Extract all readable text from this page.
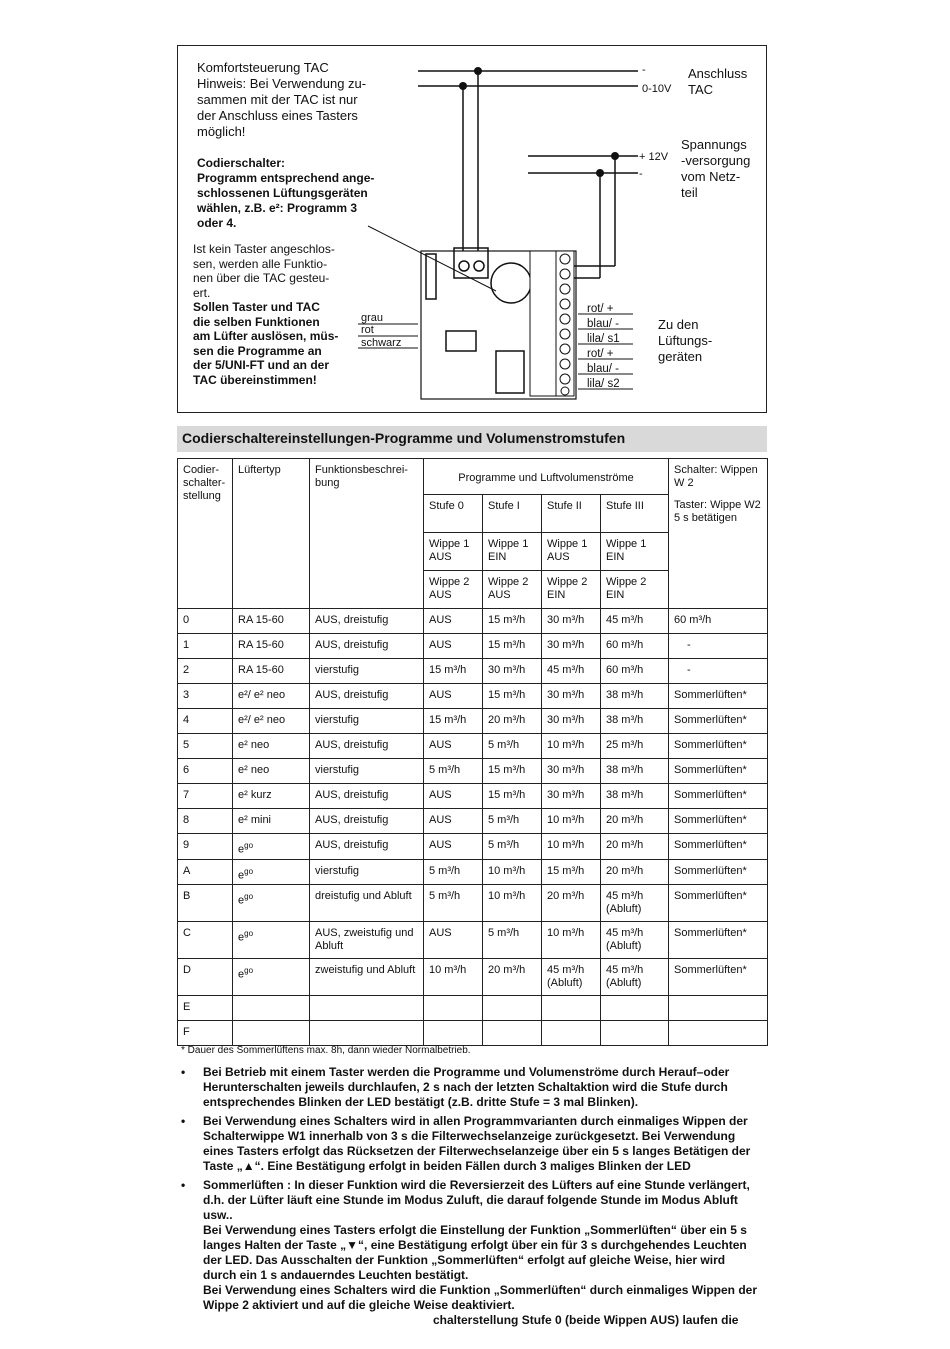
Komfortsteuerung TAC
Hinweis: Bei Verwendung zu-
sammen mit der TAC ist nur
der Anschluss eines Tasters
möglich!
Codierschalter:
Programm entsprechend ange-
schlossenen Lüftungsgeräten
wählen, z.B. e²: Programm 3
oder 4.
Ist kein Taster angeschlos-
sen, werden alle Funktio-
nen über die TAC gesteu-
ert.
Sollen Taster und TAC
die selben Funktionen
am Lüfter auslösen, müs-
sen die Programme an
der 5/UNI-FT und an der
TAC übereinstimmen!
grau
rot
schwarz
-
0-10V
Anschluss
TAC
+ 12V
-
Spannungs
-versorgung
vom Netz-
teil
rot/ +
blau/ -
lila/ s1
rot/ +
blau/ -
lila/ s2
Zu den
Lüftungs-
geräten
Codierschaltereinstellungen-Programme und Volumenstromstufen
Codier-schalter-stellung	Lüftertyp	Funktionsbeschrei-bung	Programme und Luftvolumenströme				Schalter: Wippen W 2
Taster: Wippe W2 5 s betätigen

			Stufe 0	Stufe I	Stufe II	Stufe III	
			Wippe 1 AUS	Wippe 1 EIN	Wippe 1 AUS	Wippe 1 EIN	
			Wippe 2 AUS	Wippe 2 AUS	Wippe 2 EIN	Wippe 2 EIN	
0	RA 15-60	AUS, dreistufig	AUS	15 m³/h	30 m³/h	45 m³/h	60 m³/h
1	RA 15-60	AUS, dreistufig	AUS	15 m³/h	30 m³/h	60 m³/h	-
2	RA 15-60	vierstufig	15 m³/h	30 m³/h	45 m³/h	60 m³/h	-
3	e²/ e² neo	AUS, dreistufig	AUS	15 m³/h	30 m³/h	38 m³/h	Sommerlüften*
4	e²/ e² neo	vierstufig	15 m³/h	20 m³/h	30 m³/h	38 m³/h	Sommerlüften*
5	e² neo	AUS, dreistufig	AUS	5 m³/h	10 m³/h	25 m³/h	Sommerlüften*
6	e² neo	vierstufig	5 m³/h	15 m³/h	30 m³/h	38 m³/h	Sommerlüften*
7	e² kurz	AUS, dreistufig	AUS	15 m³/h	30 m³/h	38 m³/h	Sommerlüften*
8	e² mini	AUS, dreistufig	AUS	5 m³/h	10 m³/h	20 m³/h	Sommerlüften*
9	$e^{go}$	AUS, dreistufig	AUS	5 m³/h	10 m³/h	20 m³/h	Sommerlüften*
A	$e^{go}$	vierstufig	5 m³/h	10 m³/h	15 m³/h	20 m³/h	Sommerlüften*
B	$e^{go}$	dreistufig und Abluft	5 m³/h	10 m³/h	20 m³/h	45 m³/h (Abluft)	Sommerlüften*
C	$e^{go}$	AUS, zweistufig und Abluft	AUS	5 m³/h	10 m³/h	45 m³/h (Abluft)	Sommerlüften*
D	$e^{go}$	zweistufig und Abluft	10 m³/h	20 m³/h	45 m³/h (Abluft)	45 m³/h (Abluft)	Sommerlüften*
E							
F							
* Dauer des Sommerlüftens max. 8h, dann wieder Normalbetrieb.
• Bei Betrieb mit einem Taster werden die Programme und Volumenströme durch Herauf–oder Herunterschalten jeweils durchlaufen, 2 s nach der letzten Schaltaktion wird die Stufe durch entsprechendes Blinken der LED bestätigt (z.B. dritte Stufe = 3 mal Blinken).
• Bei Verwendung eines Schalters wird in allen Programmvarianten durch einmaliges Wippen der Schalterwippe W1 innerhalb von 3 s die Filterwechselanzeige zurückgesetzt. Bei Verwendung eines Tasters erfolgt das Rücksetzen der Filterwechselanzeige über ein 5 s langes Betätigen der Taste „▲“. Eine Bestätigung erfolgt in beiden Fällen durch 3 maliges Blinken der LED
• Sommerlüften : In dieser Funktion wird die Reversierzeit des Lüfters auf eine Stunde verlängert, d.h. der Lüfter läuft eine Stunde im Modus Zuluft, die darauf folgende Stunde im Modus Abluft usw..
Bei Verwendung eines Tasters erfolgt die Einstellung der Funktion „Sommerlüften“ über ein 5 s langes Halten der Taste „▼“, eine Bestätigung erfolgt über ein für 3 s durchgehendes Leuchten der LED. Das Ausschalten der Funktion „Sommerlüften“ erfolgt auf gleiche Weise, hier wird durch ein 1 s andauerndes Leuchten bestätigt.
Bei Verwendung eines Schalters wird die Funktion „Sommerlüften“ durch einmaliges Wippen der Wippe 2 aktiviert und auf die gleiche Weise deaktiviert.
chalterstellung Stufe 0 (beide Wippen AUS) laufen die
